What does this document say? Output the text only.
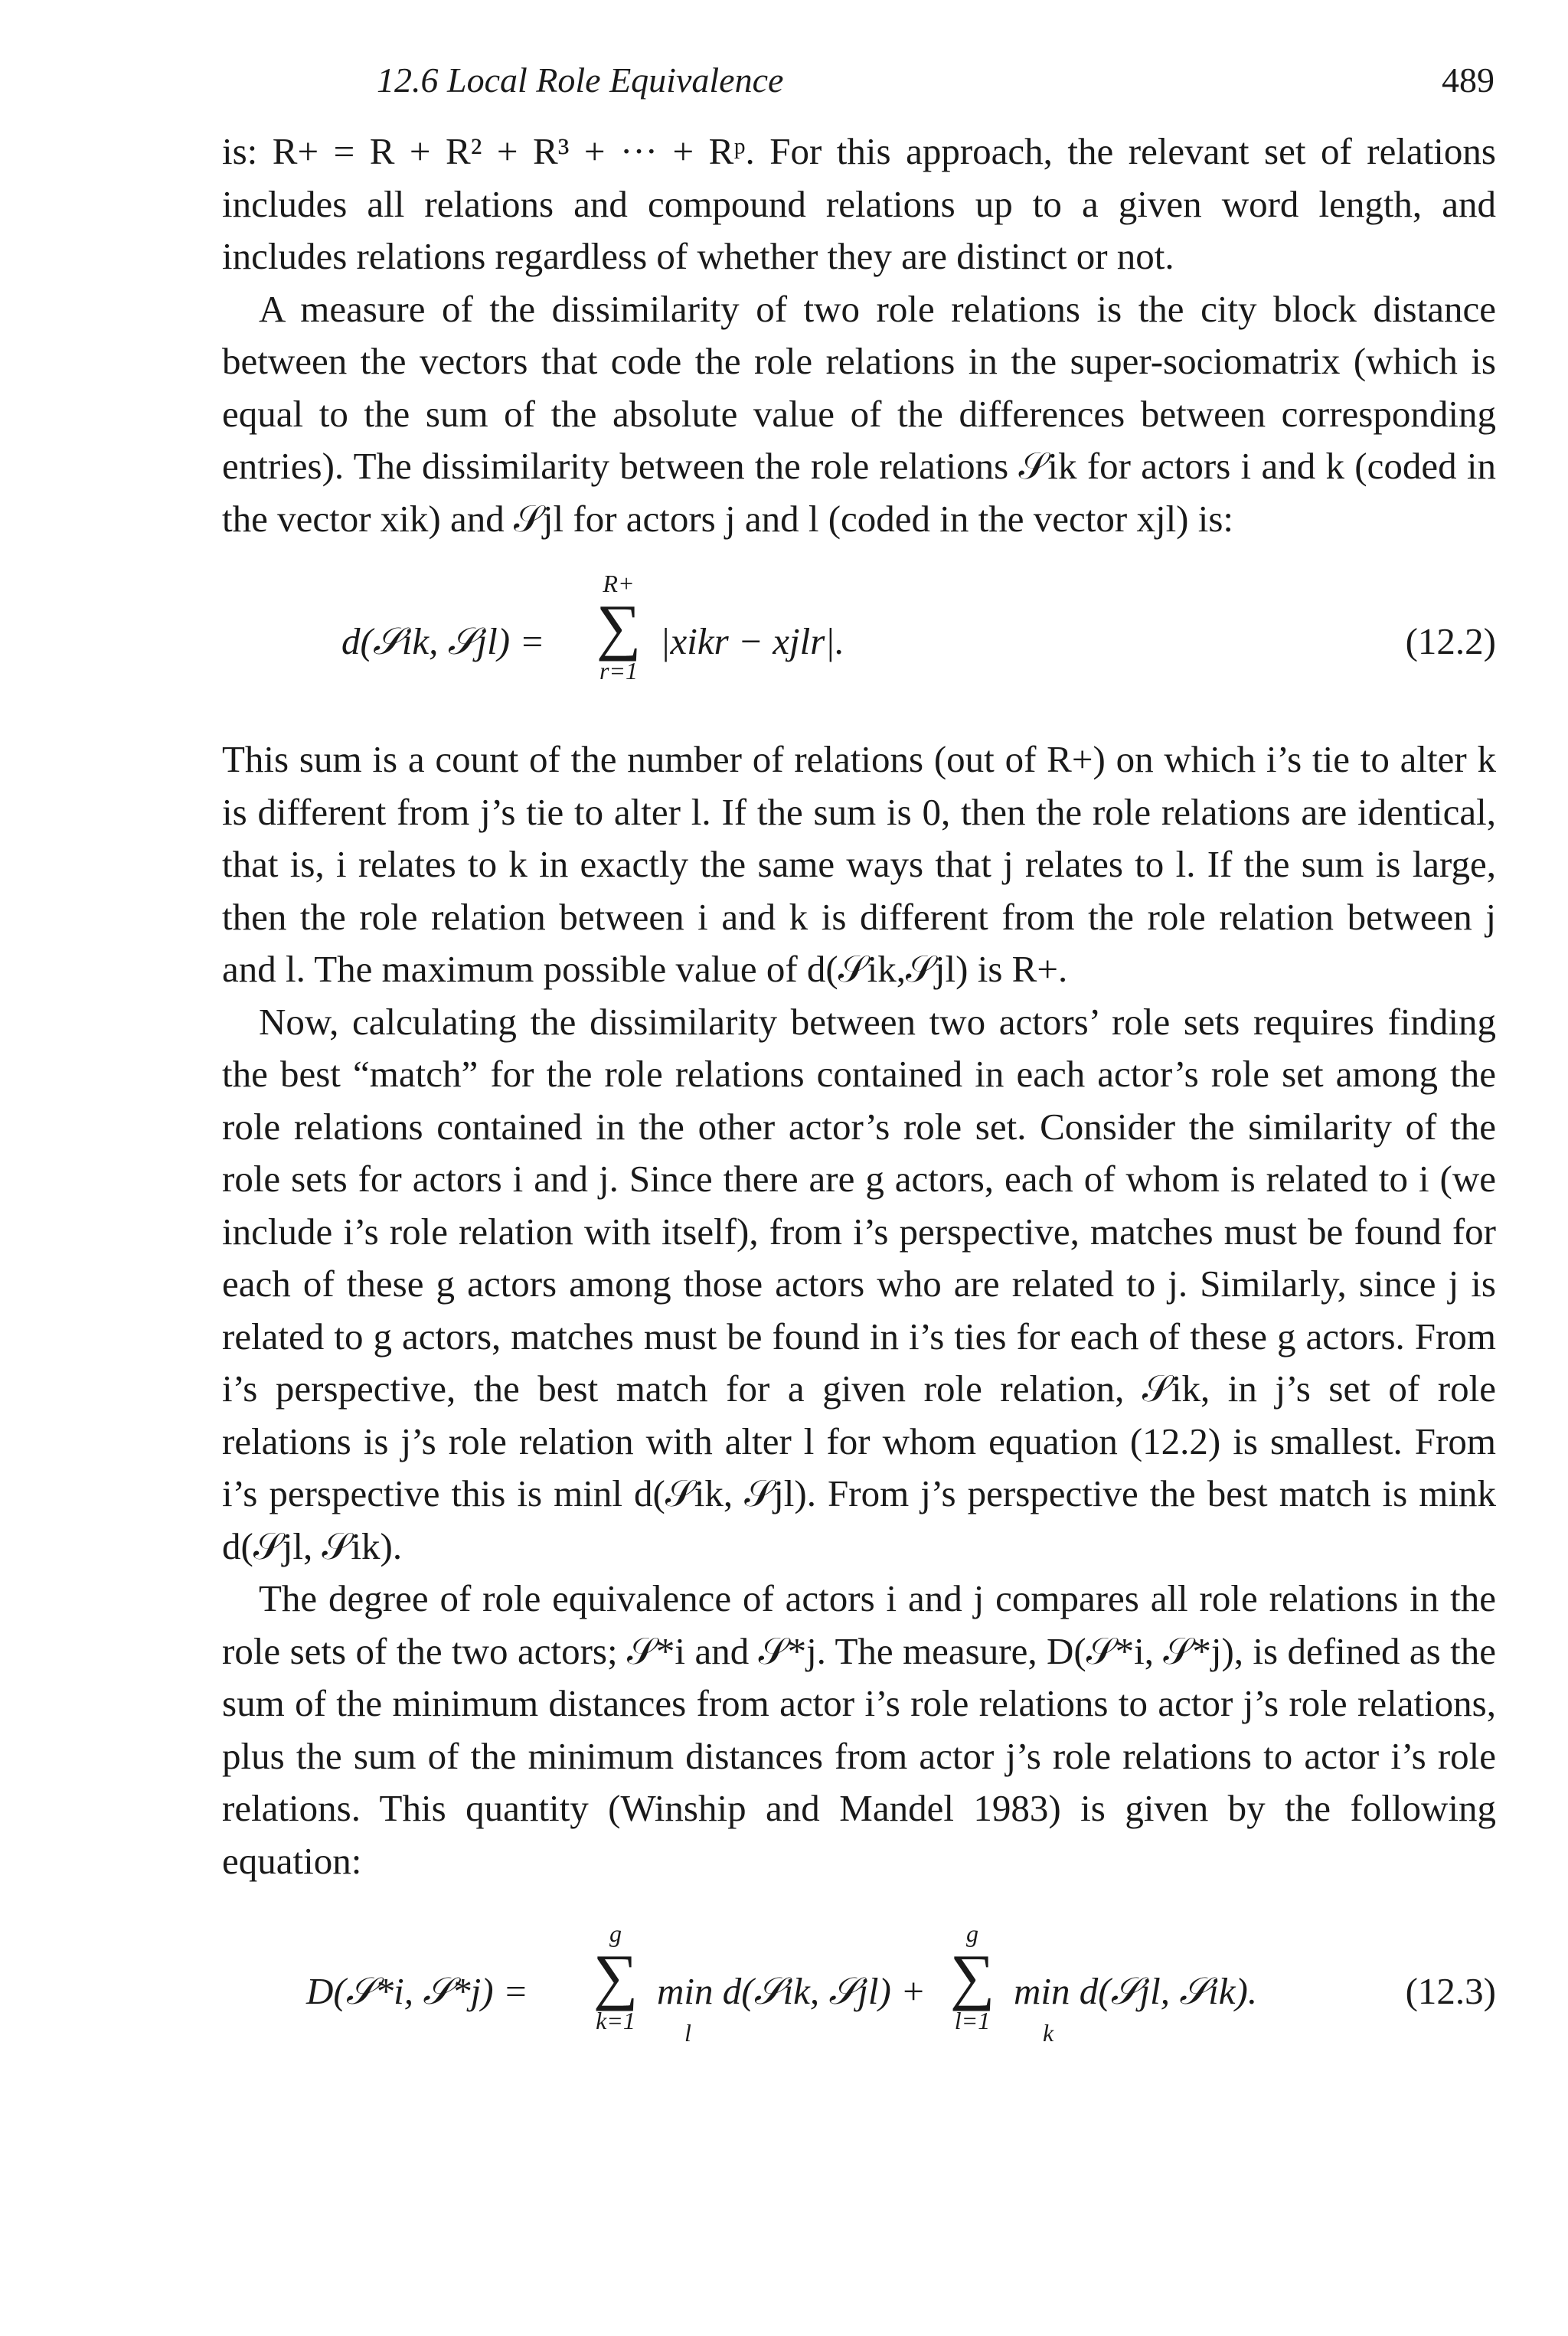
12.6 Local Role Equivalence	489

is: R+ = R + R² + R³ + ··· + Rᵖ. For this approach, the relevant set of relations includes all relations and compound relations up to a given word length, and includes relations regardless of whether they are distinct or not.

A measure of the dissimilarity of two role relations is the city block distance between the vectors that code the role relations in the super-sociomatrix (which is equal to the sum of the absolute value of the differences between corresponding entries). The dissimilarity between the role relations 𝒮ik for actors i and k (coded in the vector xik) and 𝒮jl for actors j and l (coded in the vector xjl) is:

d(𝒮ik, 𝒮jl) =
R+
∑
r=1
|xikr − xjlr|.	(12.2)

This sum is a count of the number of relations (out of R+) on which i’s tie to alter k is different from j’s tie to alter l. If the sum is 0, then the role relations are identical, that is, i relates to k in exactly the same ways that j relates to l. If the sum is large, then the role relation between i and k is different from the role relation between j and l. The maximum possible value of d(𝒮ik,𝒮jl) is R+.

Now, calculating the dissimilarity between two actors’ role sets requires finding the best “match” for the role relations contained in each actor’s role set among the role relations contained in the other actor’s role set. Consider the similarity of the role sets for actors i and j. Since there are g actors, each of whom is related to i (we include i’s role relation with itself), from i’s perspective, matches must be found for each of these g actors among those actors who are related to j. Similarly, since j is related to g actors, matches must be found in i’s ties for each of these g actors. From i’s perspective, the best match for a given role relation, 𝒮ik, in j’s set of role relations is j’s role relation with alter l for whom equation (12.2) is smallest. From i’s perspective this is minl d(𝒮ik, 𝒮jl). From j’s perspective the best match is mink d(𝒮jl, 𝒮ik).

The degree of role equivalence of actors i and j compares all role relations in the role sets of the two actors; 𝒮*i and 𝒮*j. The measure, D(𝒮*i, 𝒮*j), is defined as the sum of the minimum distances from actor i’s role relations to actor j’s role relations, plus the sum of the minimum distances from actor j’s role relations to actor i’s role relations. This quantity (Winship and Mandel 1983) is given by the following equation:

D(𝒮*i, 𝒮*j) =
g
∑
k=1
min d(𝒮ik, 𝒮jl) +
l
g
∑
l=1
min d(𝒮jl, 𝒮ik).
k
(12.3)
